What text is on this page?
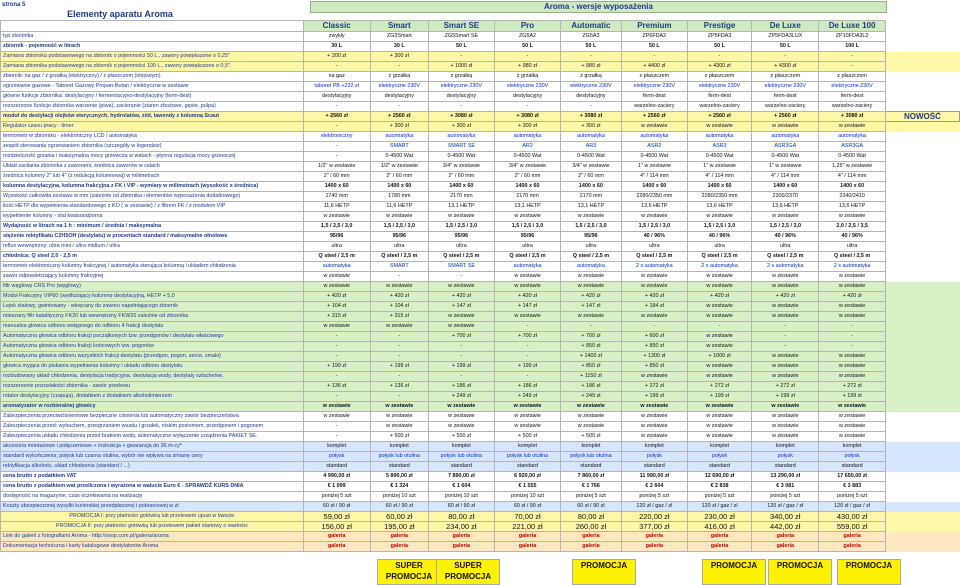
strona 5
Elementy aparatu Aroma
Aroma - wersje wyposażenia
	Classic	Smart	Smart SE	Pro	Automatic	Premium	Prestige	De Luxe	De Luxe 100	
typ zbiornika	zwykły	ZG3Smart	ZG5Smart SE	ZG5A2	ZG5A3	ZP6FDA2	ZP5FDA3	ZP5FDA3LUX	ZP10FDA3L2	
zbiornik - pojemność w litrach	30 L	30 L	50 L	50 L	50 L	50 L	50 L	50 L	100 L	
Zamiana zbiornika podstawowego na zbiornik o pojemności 50 L., zawory powiększone o 0,25"	+ 200 zł	+ 300 zł	-	-	-	-	-	-	-	
Zamiana zbiornika podstawowego na zbiornik o pojemności 100 L., zawory powiększone o 0,5"	-	-	+ 1000 zł	+ 980 zł	+ 980 zł	+ 4400 zł	+ 4300 zł	+ 4300 zł	-	
zbiornik: na gaz / z grzałką (elektryczny) / z płaszczem (olejowym)	na gaz	z grzałką	z grzałką	z grzałką	z grzałką	z płaszczem	z płaszczem	z płaszczem	z płaszczem	
ogrzewanie gazowe - Taboret Gazowy Propan-Butan / elektryczne w zestawie	taboret PB +232 zł	elektryczne 230V	elektryczne 230V	elektryczne 230V	elektryczne 230V	elektryczne 230V	elektryczne 230V	elektryczne 230V	elektryczne 230V	
główne funkcje zbiornika: destylacyjny / fermentacyjno-destylacyjny (ferm-dest)	destylacyjny	destylacyjny	destylacyjny	destylacyjny	destylacyjny	ferm-dest	ferm-dest	ferm-dest	ferm-dest	
rozszerzone funkcje zbiornika warzenie (piwa), zacieranie (ziaren zbożowe, gęste, pulpa)	-	-	-	-	-	warzelno-zaciery	warzelno-zaciery	warzelno-zaciery	warzelno-zaciery	
moduł do destylacji olejków eterycznych, hydrolatów, ziół, lawendy z kolumną Scaut	+ 2560 zł	+ 2560 zł	+ 3080 zł	+ 3080 zł	+ 3080 zł	+ 2560 zł	+ 2560 zł	+ 2560 zł	+ 3080 zł	NOWOŚĆ
Regulator czasu pracy - timer	-	+ 300 zł	+ 300 zł	+ 300 zł	+ 300 zł	w zestawie	w zestawie	w zestawie	w zestawie	
termometr w zbiorniku - elektroniczny LCD / automatyka	elektroniczny	automatyka	automatyka	automatyka	automatyka	automatyka	automatyka	automatyka	automatyka	
zespół sterowania ogrzewaniem zbiornika (szczegóły w legendzie)	-	SMART	SMART SE	AR2	AR3	ASR2	ASR3	ASR3GA	ASR3GA	
rozdzielczość grzania i maksymalna mocy grzewcza w watach - płynna regulacja mocy grzewczej	-	0-4500 Wat	0-4500 Wat	0-4500 Wat	0-4500 Wat	0-4500 Wat	0-4500 Wat	0-4500 Wat	0-4500 Wat	
Układ zasilania zbiornika z zaworami, średnica zaworów w calach	1/2" w zestawie	1/2" w zestawie	3/4" w zestawie	3/4" w zestawie	3/4" w zestawie	1" w zestawie	1" w zestawie	1" w zestawie	1,25" w zestawie	
średnica kolumny 2" lub 4" (z redukcją kolumnową) w milimetrach	2" / 60 mm	2" / 60 mm	2" / 60 mm	2" / 60 mm	2" / 60 mm	4" / 114 mm	4" / 114 mm	4" / 114 mm	4" / 114 mm	
kolumna destylacyjna, kolumna frakcyjna z FK i VIP - wymiary w milimetrach (wysokość x średnica)	1400 x 60	1400 x 60	1400 x 60	1400 x 60	1400 x 60	1400 x 60	1400 x 60	1400 x 60	1400 x 60	
Wysokość całkowita zestawu w mm (zależnie od zbiornika i elementów wyposażenia dodatkowego)	1740 mm	1780 mm	2170 mm	2170 mm	2170 mm	2280/2350 mm	2280/2350 mm	2300/2370	2340/2410	
ilość HETP dla wypełnienia standardowego z KO ( w zestawie) / z filtrem FK / z modułem VIP	11,6 HETP	11,6 HETP	13,1 HETP	13,1 HETP	13,1 HETP	13,6 HETP	13,6 HETP	13,6 HETP	13,6 HETP	
wypełnienie kolumny - stal kwasoodporna	w zestawie	w zestawie	w zestawie	w zestawie	w zestawie	w zestawie	w zestawie	w zestawie	w zestawie	
Wydajność w litrach na 1 h : minimum / średnia / maksymalna	1,5 / 2,5 / 3,0	1,5 / 2,5 / 3,0	1,5 / 2,5 / 3,0	1,5 / 2,5 / 3,0	1,5 / 2,5 / 3,0	1,5 / 2,5 / 3,0	1,5 / 2,5 / 3,0	1,5 / 2,5 / 3,0	2,0 / 2,5 / 3,5	
stężenie rektyfikatu C2H5OH (destylatu) w procentach standard / maksymalne ołnolowe	95/96	95/96	95/96	95/96	95/96	40 / 96%	40 / 96%	40 / 96%	40 / 96%	
reflux wewnętrzny: ultra mini / ultra midium / ultra	ultra	ultra	ultra	ultra	ultra	ultra	ultra	ultra	ultra	
chłodnica: Q steel 2,0 - 2,5 m	Q steel / 2,5 m	Q steel / 2,5 m	Q steel / 2,5 m	Q steel / 2,5 m	Q steel / 2,5 m	Q steel / 2,5 m	Q steel / 2,5 m	Q steel / 2,5 m	Q steel / 2,5 m	
termometr elektroniczny kolumny frakcyjnej / automatyka sterująca kolumną i układem chłodzenia	automatyka	SMART	SMART SE	automatyka	automatyka	2 x automatyka	2 x automatyka	2 x automatyka	2 x automatyka	
zawór odpowietrzający kolumny frakcyjnej	w zestawie	-	-	w zestawie	w zestawie	w zestawie	w zestawie	w zestawie	w zestawie	
filtr węglowy CRS Pro (węglowy)	w zestawie	w zestawie	w zestawie	w zestawie	w zestawie	w zestawie	w zestawie	w zestawie	w zestawie	
Moduł Frakcyjny VIP60 (wydłużający kolumnę destylacyjną, HETP + 5,0	+ 420 zł	+ 420 zł	+ 420 zł	+ 420 zł	+ 420 zł	+ 420 zł	+ 420 zł	+ 420 zł	+ 420 zł	
Lejek stalowy, gwintowany - wkręcany do zaworu napełniającego zbiornik	+ 104 zł	+ 104 zł	+ 147 zł	+ 147 zł	+ 147 zł	+ 184 zł	w zestawie	w zestawie	w zestawie	
mieszany filtr katalityczny FK20 lub wewnętrzny FKW20 zależnie od zbiornika	+ 315 zł	+ 315 zł	w zestawie	w zestawie	w zestawie	w zestawie	w zestawie	w zestawie	w zestawie	
manualna głowica odbioru wstępnego do odbioru 4 frakcji destylatu	w zestawie	w zestawie	w zestawie	-	-	-	-	-	-	
Automatyczna głowica odbioru frakcji początkowych tzw. przedgonów i destylatu właściwego	-	-	+ 700 zł	+ 700 zł	+ 700 zł	+ 600 zł	w zestawie	-	-	
Automatyczna głowica odbioru frakcji końcowych tzw. pogonów	-	-	-	-	+ 850 zł	+ 850 zł	w zestawie	-	-	
Automatyczna głowica odbioru wszystkich frakcji destylatu (przedgon, pogon, serce, smaki)	-	-	-	-	+ 1400 zł	+ 1300 zł	+ 1000 zł	w zestawie	w zestawie	
głowica myjąca do płukania wypełnienia kolumny i układu odbioru destylatu	+ 199 zł	+ 199 zł	+ 199 zł	+ 199 zł	+ 850 zł	+ 850 zł	w zestawie	w zestawie	w zestawie	
rozbudowany układ chłodzenia, destylacja tradycyjna, destylacja wody, destylaty szlachetne,	-	-	-	-	+ 1150 zł	w zestawie	w zestawie	w zestawie	w zestawie	
rozszerzenie pozostałości zbiornika - zawór przelewu	+ 136 zł	+ 136 zł	+ 186 zł	+ 186 zł	+ 186 zł	+ 272 zł	+ 272 zł	+ 272 zł	+ 272 zł	
rotator destylacyjny (czapuja), dodatkiem z dodatkiem alkoholimierzem	-	-	+ 249 zł	+ 249 zł	+ 249 zł	+ 199 zł	+ 199 zł	+ 199 zł	+ 199 zł	
aromatyzator w rozbieralnej głowicy	w zestawie	w zestawie	w zestawie	w zestawie	w zestawie	w zestawie	w zestawie	w zestawie	w zestawie	
Zabezpieczenia przeciwciśnieniowe bezpieczne ciśnienia lub automatyczny zawór bezpieczeństwa	w zestawie	w zestawie	w zestawie	w zestawie	w zestawie	w zestawie	w zestawie	w zestawie	w zestawie	
Zabezpieczenia przed: wybuchem, przegrzaniem wsadu i grzałek, niskim poziomem, przedgonem i pogonem	-	w zestawie	w zestawie	w zestawie	w zestawie	w zestawie	w zestawie	w zestawie	w zestawie	
Zabezpieczenia układu chłodzenia przed brakiem wody, automatyczne wyłączenie urządzenia PAKIET SE.	-	+ 500 zł	+ 500 zł	+ 500 zł	+ 500 zł	w zestawie	w zestawie	w zestawie	w zestawie	
akcesoria montażowe i połączeniowe + instrukcja + gwarancja do 36 m-cy*	komplet	komplet	komplet	komplet	komplet	komplet	komplet	komplet	komplet	
standard wykończenia; połysk lub czarna otulina, wybór nie wpływa na zmianę ceny	połysk	połysk lub otulina	połysk lub otulina	połysk lub otulina	połysk lub otulina	połysk	połysk	połysk	połysk	
rektyfikacja alkoholu, układ chłodzenia (standard / ...)	standard	standard	standard	standard	standard	standard	standard	standard	standard	
cena brutto z podatkiem VAT	4 990,00 zł	5 890,00 zł	7 890,00 zł	6 920,00 zł	7 860,00 zł	11 990,00 zł	12 690,00 zł	13 290,00 zł	17 650,00 zł	
cena brutto z podatkiem wat przeliczona i wyrażona w walucie Euro € - SPRAWDŹ KURS DNIA	€ 1 099	€ 1 324	€ 1 604	€ 1 555	€ 1 766	€ 2 604	€ 2 838	€ 3 081	€ 3 883	
dostępność na magazynie, czas oczekiwania na realizację	poniżej 5 szt	poniżej 10 szt	poniżej 10 szt	poniżej 10 szt	poniżej 5 szt	poniżej 5 szt	poniżej 5 szt	poniżej 5 szt	poniżej 5 szt	
Koszty ubezpieczonej wysyłki kurierskiej przedpłaconej i pobraniowej w zł	60 zł / 90 zł	60 zł / 90 zł	60 zł / 90 zł	60 zł / 90 zł	60 zł / 90 zł	120 zł / gaz / zl	120 zł / gaz / zl	120 zł / gaz / zł	120 zł / gaz / zł	
PROMOCJA I: przy płatności gotówką lub przelewem upust w kwocie	59,00 zł	60,00 zł	80,00 zł	70,00 zł	80,00 zł	220,00 zł	230,00 zł	340,00 zł	430,00 zł	
PROMOCJA II: przy płatności gotówką lub przelewem pakiet startowy o wartości	156,00 zł	195,00 zł	234,00 zł	221,00 zł	260,00 zł	377,00 zł	416,00 zł	442,00 zł	559,00 zł	
Link do galerii z fotografiami Aroma - http://vsop.com.pl/galeria/aroma	galeria	galeria	galeria	galeria	galeria	galeria	galeria	galeria	galeria	
Dokumentacja techniczna i karty katalogowe destylatorów Aroma	galeria	galeria	galeria	galeria	galeria	galeria	galeria	galeria	galeria	
SUPER
PROMOCJA
SUPER
PROMOCJA
PROMOCJA	PROMOCJA	PROMOCJA	PROMOCJA
